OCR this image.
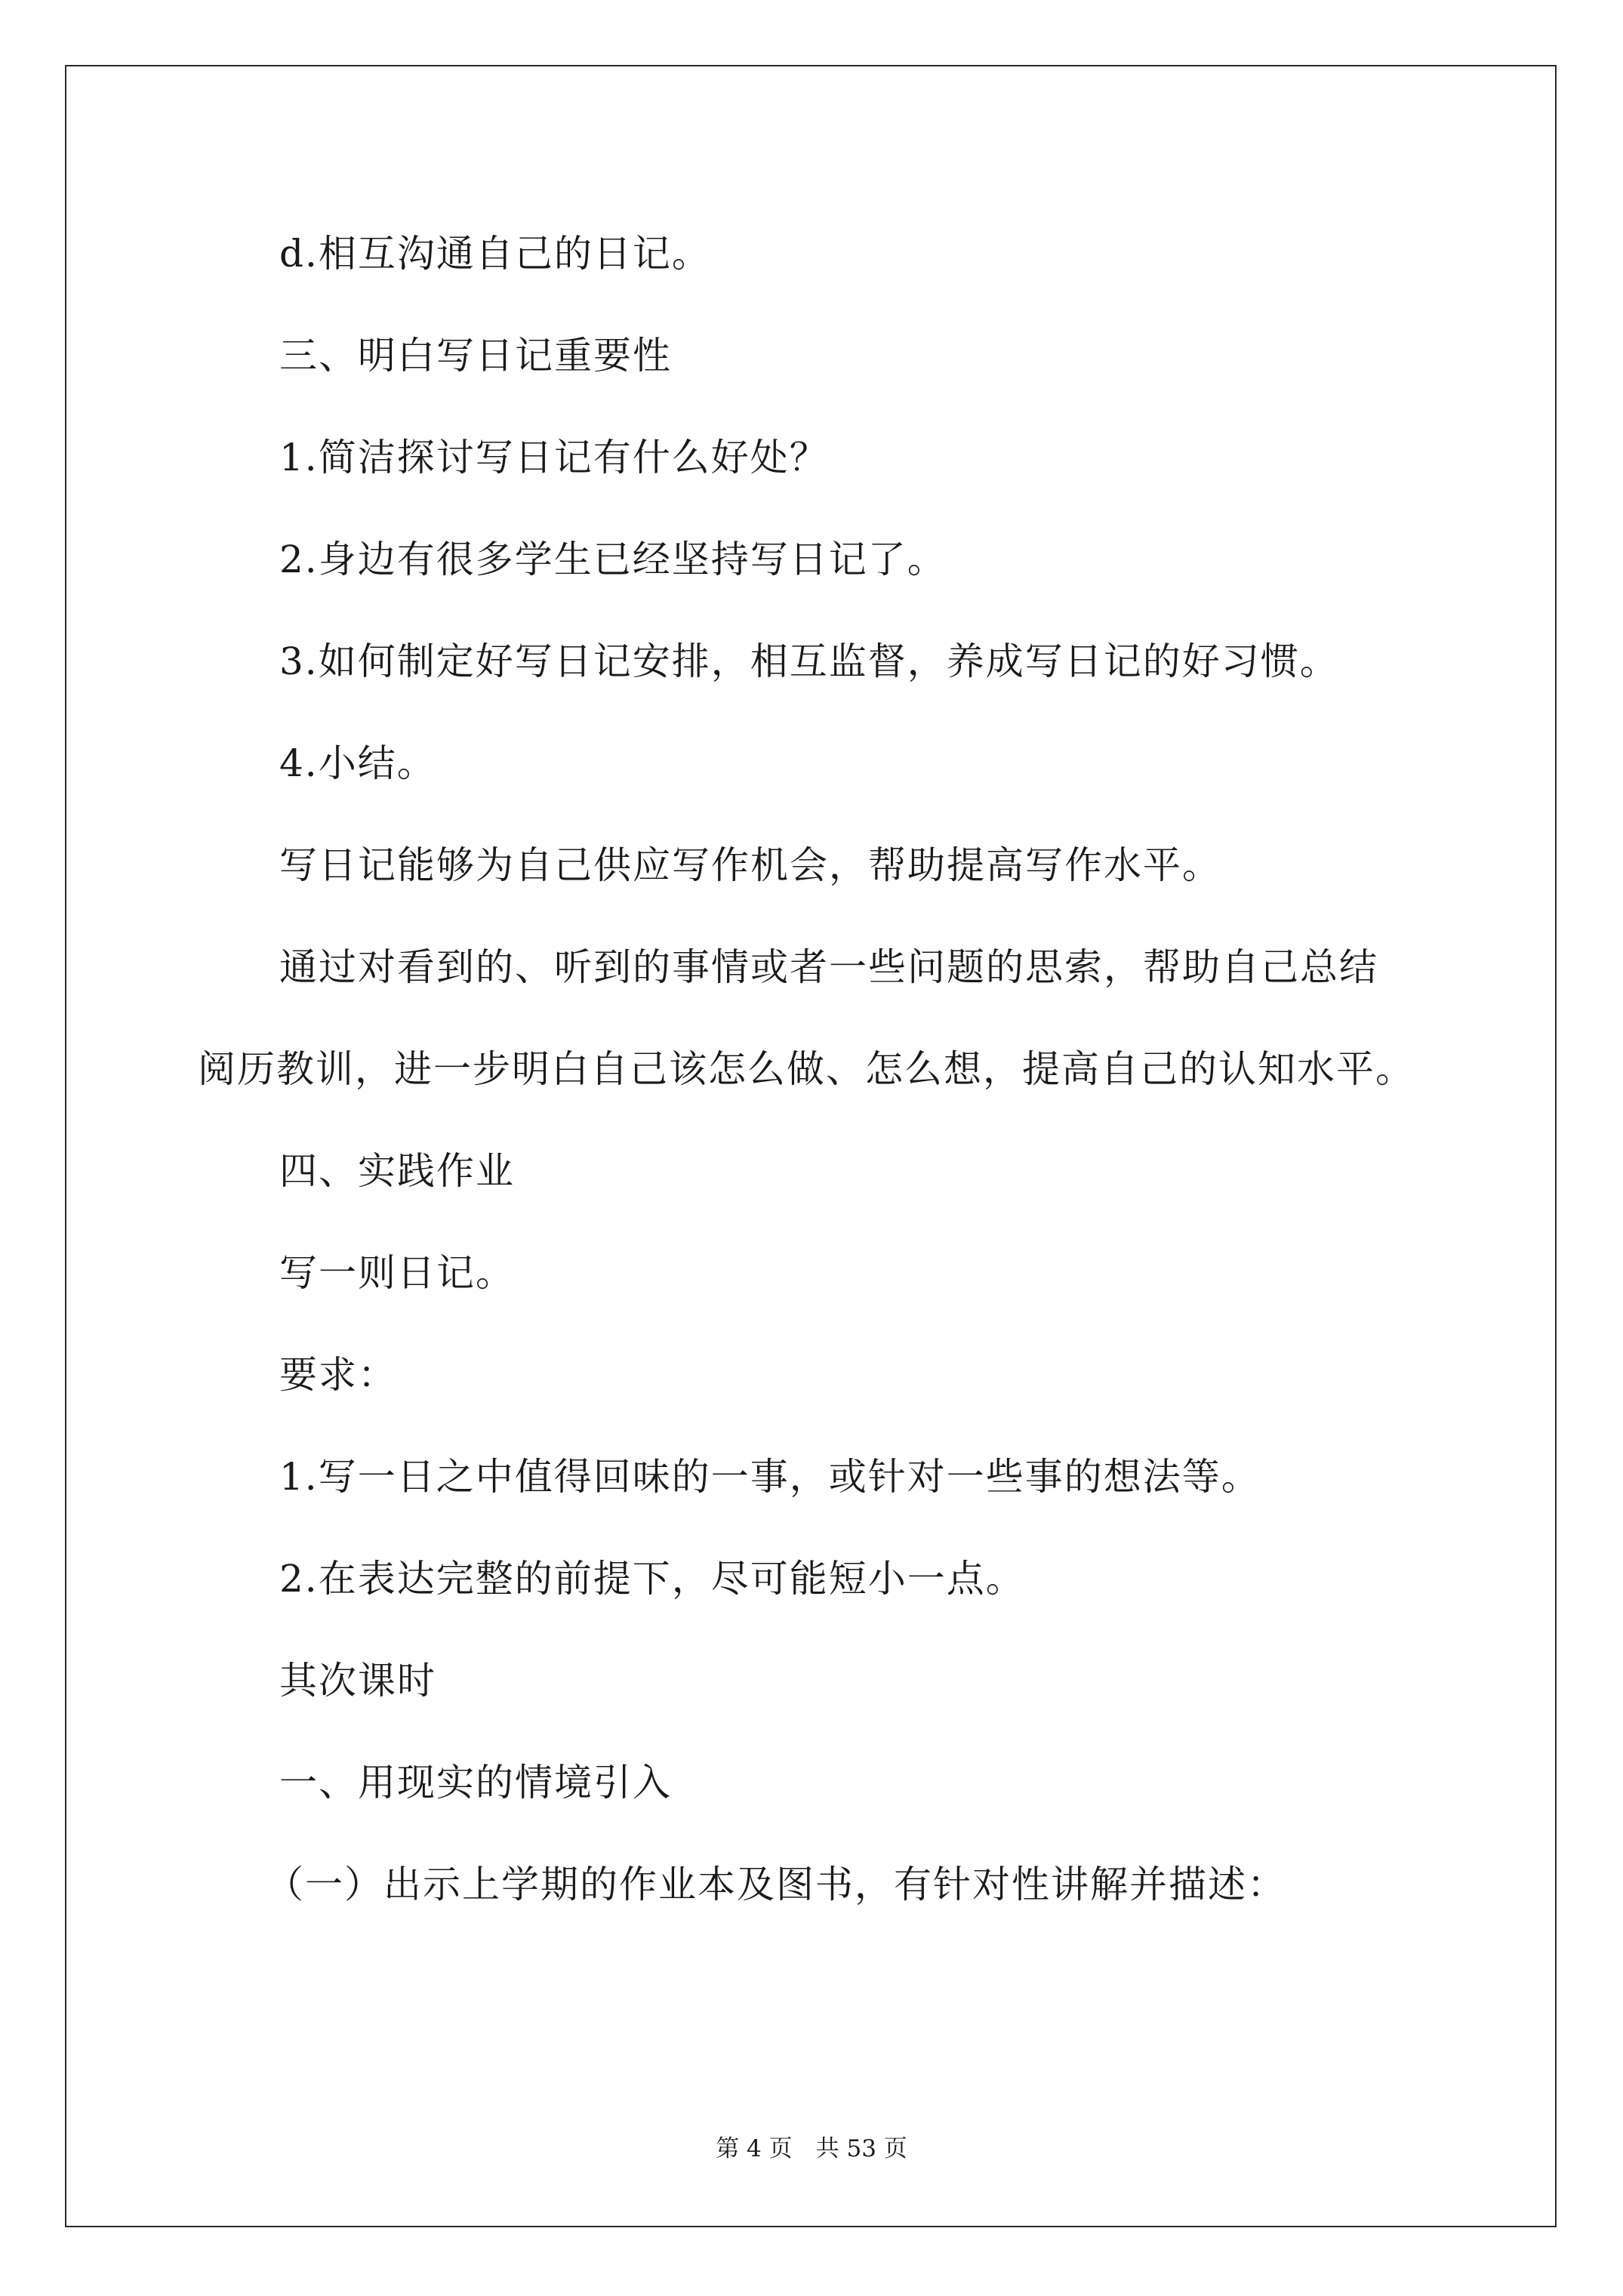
d.相互沟通自己的日记。
三、明白写日记重要性
1.简洁探讨写日记有什么好处？
2.身边有很多学生已经坚持写日记了。
3.如何制定好写日记安排，相互监督，养成写日记的好习惯。
4.小结。
写日记能够为自己供应写作机会，帮助提高写作水平。
通过对看到的、听到的事情或者一些问题的思索，帮助自己总结
阅历教训，进一步明白自己该怎么做、怎么想，提高自己的认知水平。
四、实践作业
写一则日记。
要求：
1.写一日之中值得回味的一事，或针对一些事的想法等。
2.在表达完整的前提下，尽可能短小一点。
其次课时
一、用现实的情境引入
（一）出示上学期的作业本及图书，有针对性讲解并描述：
第 4 页　共 53 页
